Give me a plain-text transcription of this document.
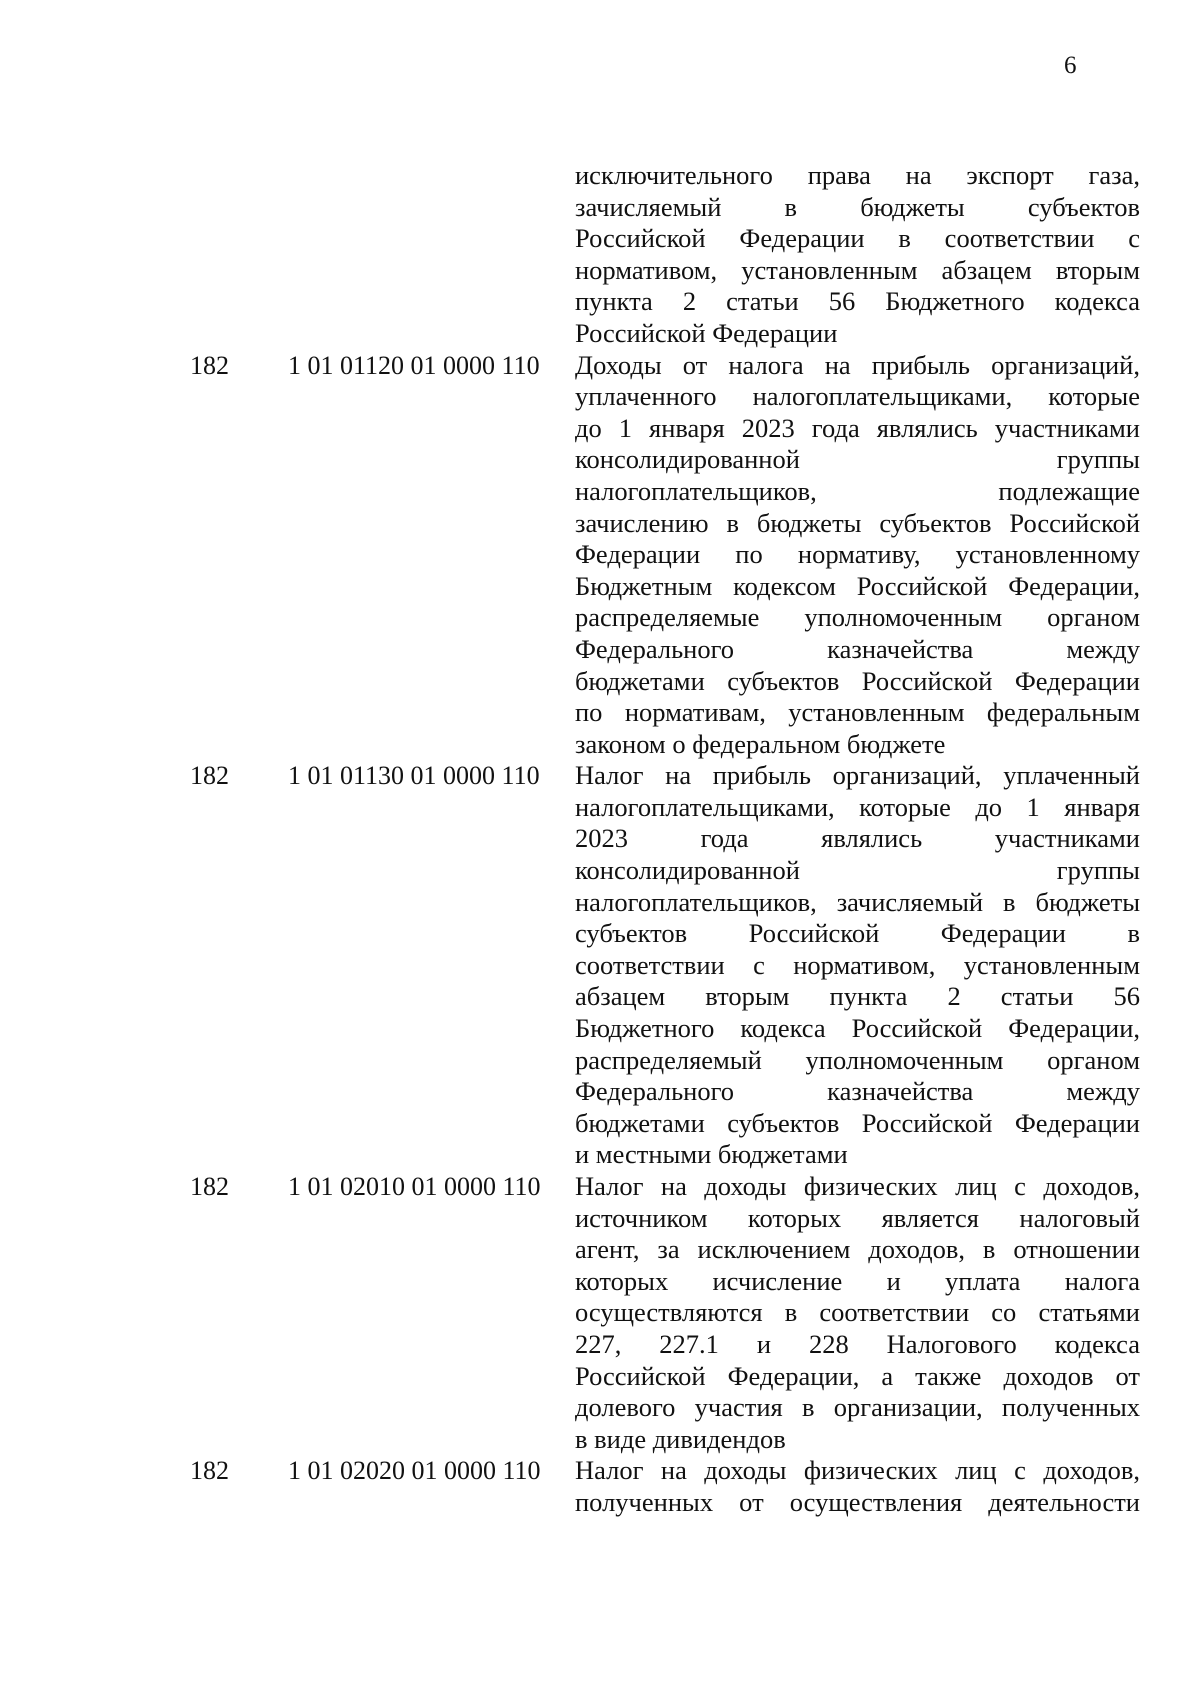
6
исключительного права на экспорт газа,
зачисляемый в бюджеты субъектов
Российской Федерации в соответствии с
нормативом, установленным абзацем вторым
пункта 2 статьи 56 Бюджетного кодекса
Российской Федерации
182	1 01 01120 01 0000 110	Доходы от налога на прибыль организаций,
уплаченного налогоплательщиками, которые
до 1 января 2023 года являлись участниками
консолидированной группы
налогоплательщиков, подлежащие
зачислению в бюджеты субъектов Российской
Федерации по нормативу, установленному
Бюджетным кодексом Российской Федерации,
распределяемые уполномоченным органом
Федерального казначейства между
бюджетами субъектов Российской Федерации
по нормативам, установленным федеральным
законом о федеральном бюджете
182	1 01 01130 01 0000 110	Налог на прибыль организаций, уплаченный
налогоплательщиками, которые до 1 января
2023 года являлись участниками
консолидированной группы
налогоплательщиков, зачисляемый в бюджеты
субъектов Российской Федерации в
соответствии с нормативом, установленным
абзацем вторым пункта 2 статьи 56
Бюджетного кодекса Российской Федерации,
распределяемый уполномоченным органом
Федерального казначейства между
бюджетами субъектов Российской Федерации
и местными бюджетами
182	1 01 02010 01 0000 110	Налог на доходы физических лиц с доходов,
источником которых является налоговый
агент, за исключением доходов, в отношении
которых исчисление и уплата налога
осуществляются в соответствии со статьями
227, 227.1 и 228 Налогового кодекса
Российской Федерации, а также доходов от
долевого участия в организации, полученных
в виде дивидендов
182	1 01 02020 01 0000 110	Налог на доходы физических лиц с доходов,
полученных от осуществления деятельности
